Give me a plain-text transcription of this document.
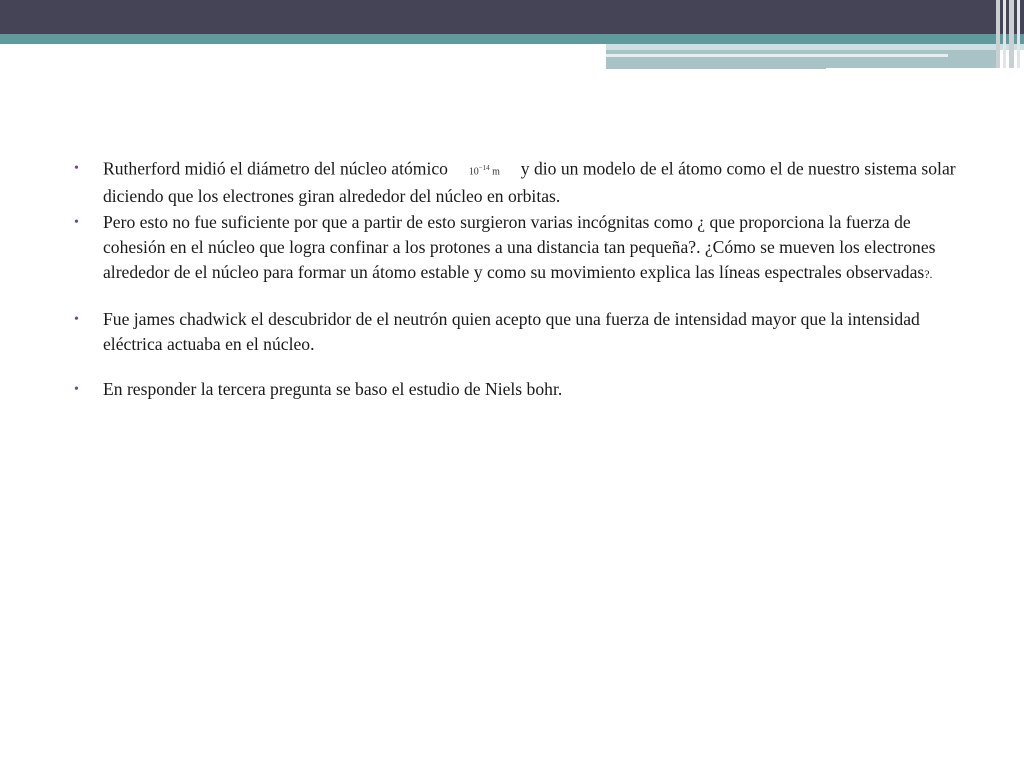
• Rutherford midió el diámetro del núcleo atómico $10^{-14}$ m y dio un modelo de el átomo como el de nuestro sistema solar diciendo que los electrones giran alrededor del núcleo en orbitas.
• Pero esto no fue suficiente por que a partir de esto surgieron varias incógnitas como ¿ que proporciona la fuerza de cohesión en el núcleo que logra confinar a los protones a una distancia tan pequeña?. ¿Cómo se mueven los electrones alrededor de el núcleo para formar un átomo estable y como su movimiento explica las líneas espectrales observadas?.
• Fue james chadwick el descubridor de el neutrón quien acepto que una fuerza de intensidad mayor que la intensidad eléctrica actuaba en el núcleo.
• En responder la tercera pregunta se baso el estudio de Niels bohr.
